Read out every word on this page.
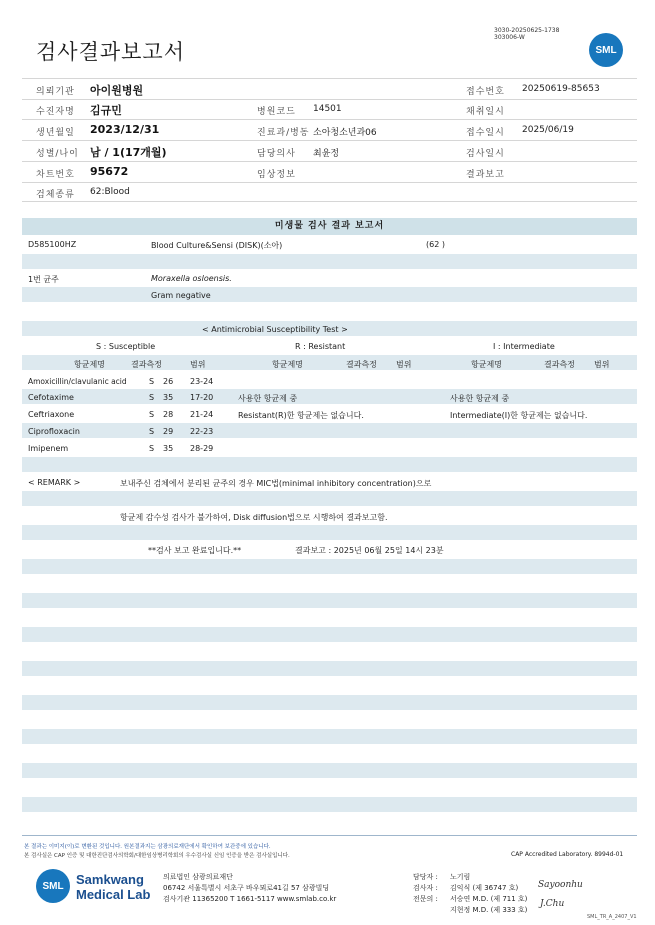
검사결과보고서
3030-20250625-1738
303006-W
SML
의뢰기관 아이원병원	접수번호 20250619-85653
수진자명 김규민	병원코드 14501	채취일시
생년월일 2023/12/31	진료과/병동 소아청소년과06	접수일시 2025/06/19
성별/나이 남 / 1(17개월)	담당의사 최윤정	검사일시
차트번호 95672	임상정보	결과보고
검체종류 62:Blood
미생물 검사 결과 보고서
D585100HZ	Blood Culture&Sensi (DISK)(소아)	(62 )
1번 균주	Moraxella osloensis.
Gram negative
< Antimicrobial Susceptibility Test >
S : Susceptible	R : Resistant	I : Intermediate
항균제명	결과측정	범위	항균제명	결과측정 범위	항균제명	결과측정 범위
Amoxicillin/clavulanic acid	S 26 23-24
Cefotaxime	S 35 17-20	사용한 항균제 중	사용한 항균제 중
Ceftriaxone	S 28 21-24	Resistant(R)한 항균제는 없습니다.	Intermediate(I)한 항균제는 없습니다.
Ciprofloxacin	S 29 22-23
Imipenem	S 35 28-29
< REMARK >	보내주신 검체에서 분리된 균주의 경우 MIC법(minimal inhibitory concentration)으로
항균제 감수성 검사가 불가하여, Disk diffusion법으로 시행하여 결과보고함.
**검사 보고 완료입니다.**	결과보고 : 2025년 06월 25일 14시 23분
본 결과는 이미지(이)로 변환된 것입니다. 원본결과지는 삼광의료재단에서 확인하여 보관중에 있습니다.
본 검사실은 CAP 인증 및 대한진단검사의학회/대한임상병리학회의 우수검사실 신임 인증을 받은 검사실입니다.	CAP Accredited Laboratory. 8994d-01
SML Samkwang
Medical Lab
의료법인 삼광의료재단
06742 서울특별시 서초구 바우뫼로41길 57 삼광빌딩
검사기관 11365200 T 1661-5117 www.smlab.co.kr
담당자 : 노기림
검사자 : 김익식 (제 36747 호)
전문의 : 서승연 M.D. (제 711 호)
지현정 M.D. (제 333 호)
Sayoonhu
J.Chu
SML_TR_A_2407_V1
